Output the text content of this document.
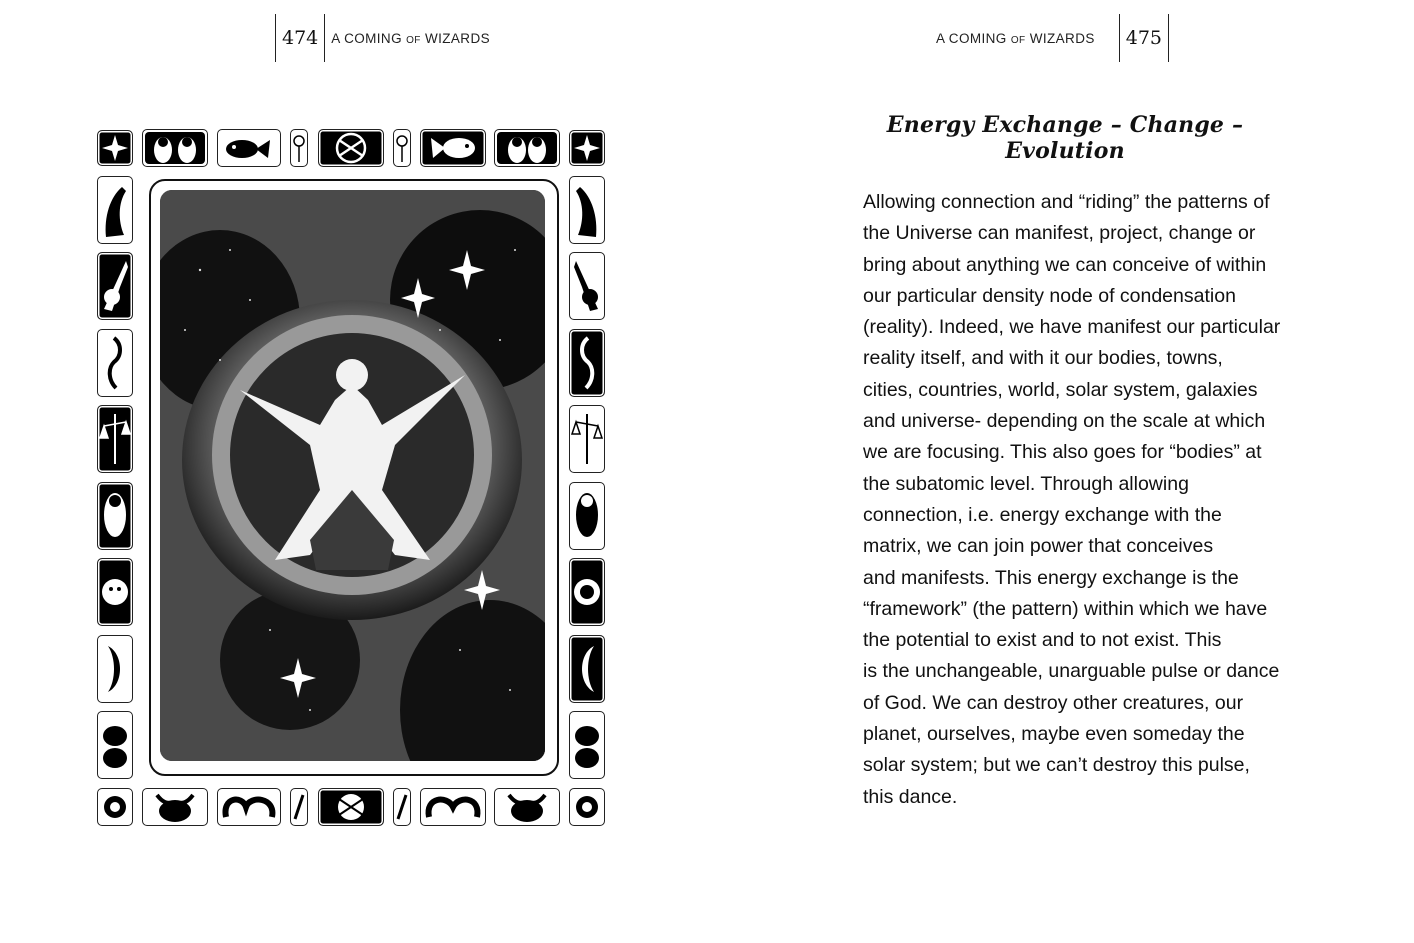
474 A COMING OF WIZARDS	A COMING OF WIZARDS	475
Energy Exchange – Change – Evolution

Allowing connection and “riding” the patterns of

the Universe can manifest, project, change or

bring about anything we can conceive of within

our particular density node of condensation

(reality). Indeed, we have manifest our particular

reality itself, and with it our bodies, towns,

cities, countries, world, solar system, galaxies

and universe- depending on the scale at which

we are focusing. This also goes for “bodies” at

the subatomic level. Through allowing

connection, i.e. energy exchange with the

matrix, we can join power that conceives

and manifests. This energy exchange is the

“framework” (the pattern) within which we have

the potential to exist and to not exist. This

is the unchangeable, unarguable pulse or dance

of God. We can destroy other creatures, our

planet, ourselves, maybe even someday the

solar system; but we can’t destroy this pulse,

this dance.
